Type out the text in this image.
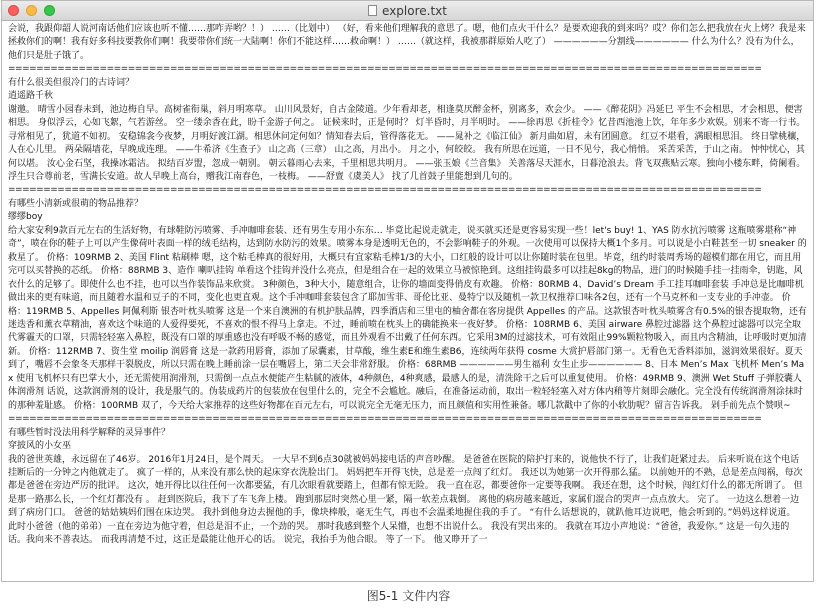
explore.txt

会说，我跟仰韶人说河南话他们应该也听不懂……那咋弄哟？！） ……（比划中） （好，看来他们理解我的意思了。嗯，他们点火干什么？是要欢迎我的到来吗？哎？你们怎么把我放在火上烤？我是来拯救你们的啊！我有好多科技要教你们啊！我要带你们统一大陆啊！你们不能这样……救命啊！） ……（就这样，我被那群原始人吃了） ——————分割线—————— 什么为什么？没有为什么，他们只是肚子饿了。

===========================================================================================================

有什么很美但很冷门的古诗词？

逍遥路千秋

谢邀。 晴雪小园春未到，池边梅自早。高树雀衔巢，斜月明寒草。 山川风景好，自古金陵道。少年看却老，相逢莫厌醉金杯，别离多，欢会少。 ——《醉花阴》冯延巳 平生不会相思，才会相思，便害相思。 身似浮云，心如飞絮，气若游丝。 空一缕余香在此，盼千金游子何之。 证候来时，正是何时？ 灯半昏时，月半明时。 ——徐再思《折桂令》忆昔西池池上饮，年年多少欢娱。别来不寄一行书。寻常相见了，犹道不如初。 安稳锦衾今夜梦，月明好渡江湖。相思休问定何如？情知春去后，管得落花无。 ——晁补之《临江仙》 新月曲如眉，未有团圆意。 红豆不堪看，满眼相思泪。 终日擘桃穰，人在心儿里。 两朵隔墙花，早晚成连理。 ——牛希济《生查子》 山之高（三章） 山之高，月出小。 月之小，何皎皎。 我有所思在远道，一日不见兮，我心悄悄。 采苦采苦，于山之南。 忡忡忧心，其何以堪。 汝心金石坚，我操冰霜洁。 拟结百岁盟，忽成一朝别。 朝云暮雨心去来，千里相思共明月。 ——张玉娘《兰音集》 关善落尽天涯水，日暮沧浪去。背飞双燕贴云寒。独向小楼东畔，倚阑看。 浮生只合尊前老，雪满长安道。故人早晚上高台，赠我江南春色，一枝梅。 ——舒亶《虞美人》 找了几首鼓子里能想到几句的。

===========================================================================================================

有哪些小清新或很萌的物品推荐？

缪缪boy

给大家安利9款百元左右的生活好物，有球鞋防污喷雾、手冲咖啡套装、还有男生专用小东东… 毕竟比起说走就走，说买就买还是更容易实现一些！let's buy! 1、YAS 防水抗污喷雾 这瓶喷雾堪称“神奇”，喷在你的鞋子上可以产生像荷叶表面一样的绒毛结构，达到防水防污的效果。喷雾本身是透明无色的，不会影响鞋子的外观。一次使用可以保持大概1个多月。可以说是小白鞋甚至一切 sneaker 的救星了。 价格：109RMB 2、美国 Flint 粘刷棒 嗯，这个粘毛棒真的很好用，大概只有宜家粘毛棒1/3的大小，口红般的设计可以让你随时装在包里。毕竟，纽约时装周秀场的超模们都在用它，而且用完可以买替换的芯纸。 价格：88RMB 3、造作 喇叭挂钩 单看这个挂钩并没什么亮点，但是组合在一起的效果立马被惊艳到。这组挂钩最多可以挂起8kg的物品，进门的时候随手挂一挂雨伞，钥匙，风衣什么的足够了。即使什么也不挂，也可以当作装饰品来欣赏。 3种颜色，3种大小，随意组合，让你的墙面变得俏皮有欢趣。 价格：80RMB 4、David’s Dream 手工挂耳咖啡套装 手冲总是比咖啡机做出来的更有味道，而且随着水温和豆子的不同，变化也更直观。这个手冲咖啡套装包含了耶加雪菲、哥伦比亚、曼特宁以及随机一款卫权推荐口味各2包，还有一个马克杯和一支专业的手冲壶。 价格：119RMB 5、Appelles 阿佩利斯 银杏叶枕头喷雾 这是一个来自澳洲的有机护肤品牌，四季酒店和三里屯的柚舍都在客房提供 Appelles 的产品。这款银杏叶枕头喷雾含有0.5%的银杏提取物，还有迷迭香和薰衣草精油，喜欢这个味道的人爱得要死，不喜欢的恨不得马上拿走。不过，睡前喷在枕头上的确能换来一夜好梦。 价格：108RMB 6、美国 airware 鼻腔过滤器 这个鼻腔过滤器可以完全取代雾霾天的口罩，只需轻轻塞入鼻腔，既没有口罩的厚重感也没有呼吸不畅的感觉，而且外观看不出戴了任何东西。它采用3M的过滤技术，可有效阻止99%颗粒物吸入，而且内含精油，让呼吸时更加清新。 价格：112RMB 7、资生堂 moilip 润唇膏 这是一款药用唇膏，添加了尿囊素，甘草酸，维生素E和维生素B6，连续两年获得 cosme 大赏护唇部门第一。无看色无香料添加，滋润效果很好。夏天到了，嘴唇不会象冬天那样干裂脱皮，所以只需在晚上睡前涂一层在嘴唇上，第二天会非常舒服。 价格：68RMB ——————男生福利 女生止步—————— 8、日本 Men’s Max 飞机杯 Men’s Max 使用飞机杯只有巴掌大小，还无需使用润滑剂，只需倒一点点水便能产生粘腻的液体，4种颜色，4种爽感，最感人的是，清洗除干之后可以重复使用。 价格：49RMB 9、澳洲 Wet Stuff 子弹胶囊人体润滑剂 话说，这款润滑剂的设计，我是服气的。伪装成药片的包装放在包里什么的，完全不会尴尬。融后，在准备运动前，取出一粒轻轻塞入对方体内稍等片刻即会融化。完全没有传统润滑剂涂抹时的那种羞耻感。 价格：100RMB 双了，今天给大家推荐的这些好物都在百元左右，可以说完全无毫无压力，而且颜值和实用性兼备。哪几款戳中了你的小软肋呢？留言告诉我。 剁手前先点个赞呗~

===========================================================================================================

有哪些暂时没法用科学解释的灵异事件？

穿披风的小女巫

我的爸世英雄，永远留在了46岁。 2016年1月24日，是个周天。 一大早不到6点30就被妈妈接电话的声音吵醒。 是爸爸在医院的陪护打来的，说他快不行了，让我们赶紧过去。 后来听说在这个电话挂断后的一分钟之内他就走了。 疯了一样的，从来没有那么快的起床穿衣洗脸出门。 妈妈把车开得飞快，总是差一点闯了红灯。 我还以为她第一次开得那么猛。 以前她开的不熟，总是差点闯祸，每次都是爸爸在旁边严厉的批评。 这次，她开得比以往任何一次都要猛，有几次眼看就要踏上，但都有惊无险。 我一直在忍，都要爸你一定要等我啊。 我还在想，这个时候，闯红灯什么的都无所谓了。 但是那一路那么长，一个红灯都没有 。 赶到医院后，我下了车飞奔上楼。 跑到那层时突然心里一紧，隔一软差点栽倒。 离他的病房越来越近，家属们混合的哭声一点点放大。 完了。 一边这么想着一边到了病房门口。 爸爸的姑姑姨妈们围在床边哭。 我扑到他身边去握他的手，像块棒般，毫无生气，再也不会温柔地握住我的手了。 “有什么话想说的，就趴他耳边说吧，他会听到的。”妈妈这样说道。 此时小爸爸（他的弟弟）一直在旁边为他守着，但总是泪不止，一个劲的哭。 那时我感到整个人呆懵，也想不出说什么。 我没有哭出来的。 我就在耳边小声地说：“爸爸，我爱你。” 这是一句久违的话。我向来不善表达。 而我再清楚不过，这正是最能让他开心的话。 说完，我抬手为他合眼。 等了一下。 他又睁开了一

图5-1 文件内容
